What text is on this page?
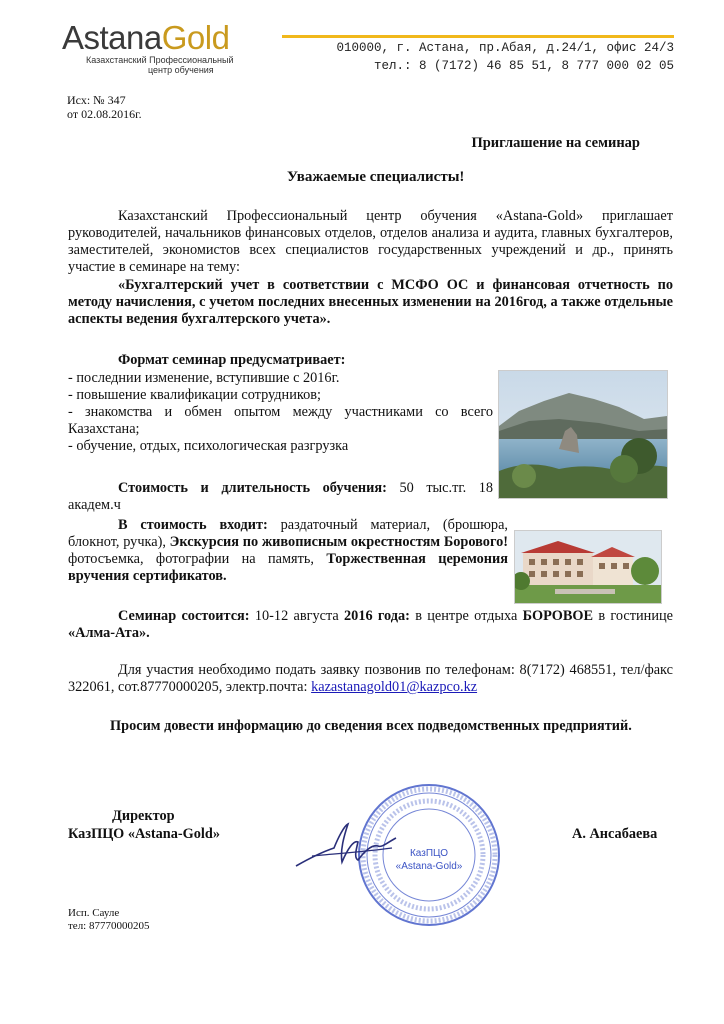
AstanaGold
Казахстанский Профессиональный
центр обучения
010000, г. Астана, пр.Абая, д.24/1, офис 24/3
тел.: 8 (7172) 46 85 51, 8 777 000 02 05
Исх: № 347
от 02.08.2016г.
Приглашение на семинар
Уважаемые специалисты!
Казахстанский Профессиональный центр обучения «Astana-Gold» приглашает руководителей, начальников финансовых отделов, отделов анализа и аудита, главных бухгалтеров, заместителей, экономистов всех специалистов государственных учреждений и др., принять участие в семинаре на тему:
«Бухгалтерский учет в соответствии с МСФО ОС и финансовая отчетность по методу начисления, с учетом последних внесенных изменении на 2016год, а также отдельные аспекты ведения бухгалтерского учета».
Формат семинар предусматривает:
- последнии изменение, вступившие с 2016г.
- повышение квалификации сотрудников;
- знакомства и обмен опытом между участниками со всего Казахстана;
- обучение, отдых, психологическая разгрузка
Стоимость и длительность обучения: 50 тыс.тг. 18 академ.ч
В стоимость входит: раздаточный материал, (брошюра, блокнот, ручка), Экскурсия по живописным окрестностям Борового! фотосъемка, фотографии на память, Торжественная церемония вручения сертификатов.
Семинар состоится: 10-12 августа 2016 года: в центре отдыха БОРОВОЕ в гостинице «Алма-Ата».
Для участия необходимо подать заявку позвонив по телефонам: 8(7172) 468551, тел/факс 322061, сот.87770000205, электр.почта: kazastanagold01@kazpco.kz
Просим довести информацию до сведения всех подведомственных предприятий.
Директор
КазПЦО «Astana-Gold»	А. Ансабаева
КазПЦО
«Astana-Gold»
Исп. Сауле
тел: 87770000205
